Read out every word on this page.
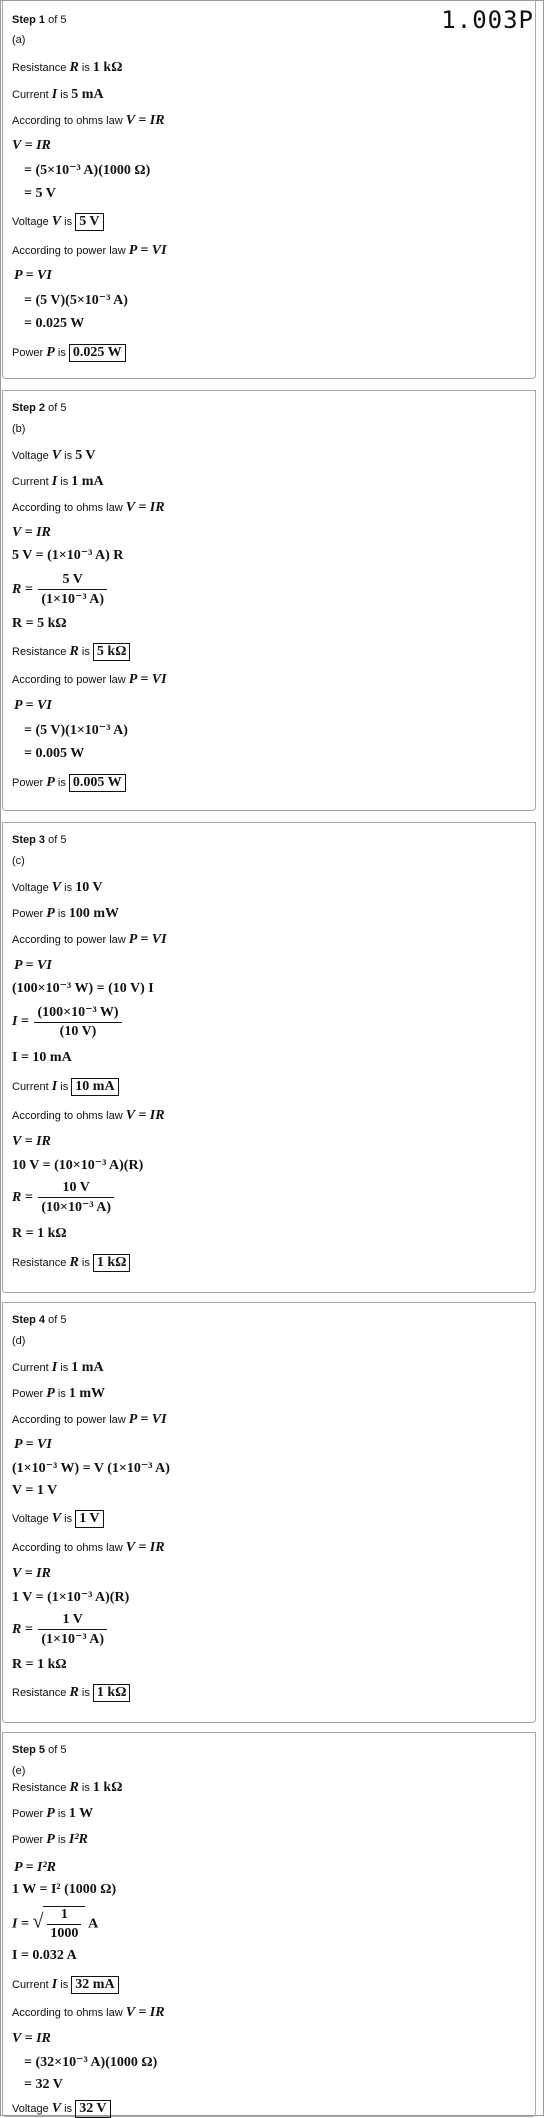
1.003P
Step 1 of 5
(a)
Resistance R is 1 kΩ
Current I is 5 mA
According to ohms law V = IR
V = IR
= (5×10⁻³ A)(1000 Ω)
= 5 V
Voltage V is 5 V
According to power law P = VI
P = VI
= (5 V)(5×10⁻³ A)
= 0.025 W
Power P is 0.025 W
Step 2 of 5
(b)
Voltage V is 5 V
Current I is 1 mA
According to ohms law V = IR
V = IR
5 V = (1×10⁻³ A) R
$R = \frac{5 V}{\text{(1×10⁻³ A)}}$
R = 5 kΩ
Resistance R is 5 kΩ
According to power law P = VI
P = VI
= (5 V)(1×10⁻³ A)
= 0.005 W
Power P is 0.005 W
Step 3 of 5
(c)
Voltage V is 10 V
Power P is 100 mW
According to power law P = VI
P = VI
(100×10⁻³ W) = (10 V) I
$I = \frac{\text{(100×10⁻³ W)}}{(10 V)}$
I = 10 mA
Current I is 10 mA
According to ohms law V = IR
V = IR
10 V = (10×10⁻³ A)(R)
$R = \frac{10 V}{\text{(10×10⁻³ A)}}$
R = 1 kΩ
Resistance R is 1 kΩ
Step 4 of 5
(d)
Current I is 1 mA
Power P is 1 mW
According to power law P = VI
P = VI
(1×10⁻³ W) = V (1×10⁻³ A)
V = 1 V
Voltage V is 1 V
According to ohms law V = IR
V = IR
1 V = (1×10⁻³ A)(R)
$R = \frac{1 V}{\text{(1×10⁻³ A)}}$
R = 1 kΩ
Resistance R is 1 kΩ
Step 5 of 5
(e)
Resistance R is 1 kΩ
Power P is 1 W
Power P is I²R
P = I²R
1 W = I² (1000 Ω)
I = √ $\frac{1}{1000}$ A
I = 0.032 A
Current I is 32 mA
According to ohms law V = IR
V = IR
= (32×10⁻³ A)(1000 Ω)
= 32 V
Voltage V is 32 V
